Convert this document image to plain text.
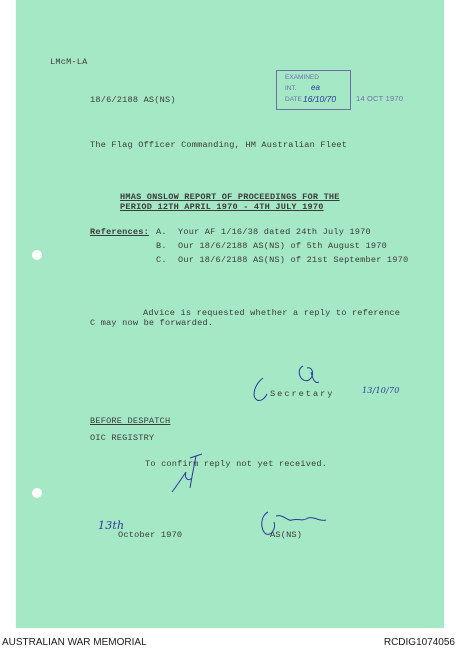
LMcM-LA
18/6/2188 AS(NS)
EXAMINED
INT. ea
DATE 16/10/70	14 OCT 1970
The Flag Officer Commanding, HM Australian Fleet
HMAS ONSLOW REPORT OF PROCEEDINGS FOR THE
PERIOD 12TH APRIL 1970 - 4TH JULY 1970
References: A. Your AF 1/16/38 dated 24th July 1970
B. Our 18/6/2188 AS(NS) of 5th August 1970
C. Our 18/6/2188 AS(NS) of 21st September 1970
Advice is requested whether a reply to reference
C may now be forwarded.
Secretary	13/10/70
BEFORE DESPATCH
OIC REGISTRY
To confirm reply not yet received.
13th
October 1970	AS(NS)
AUSTRALIAN WAR MEMORIAL	RCDIG1074056
